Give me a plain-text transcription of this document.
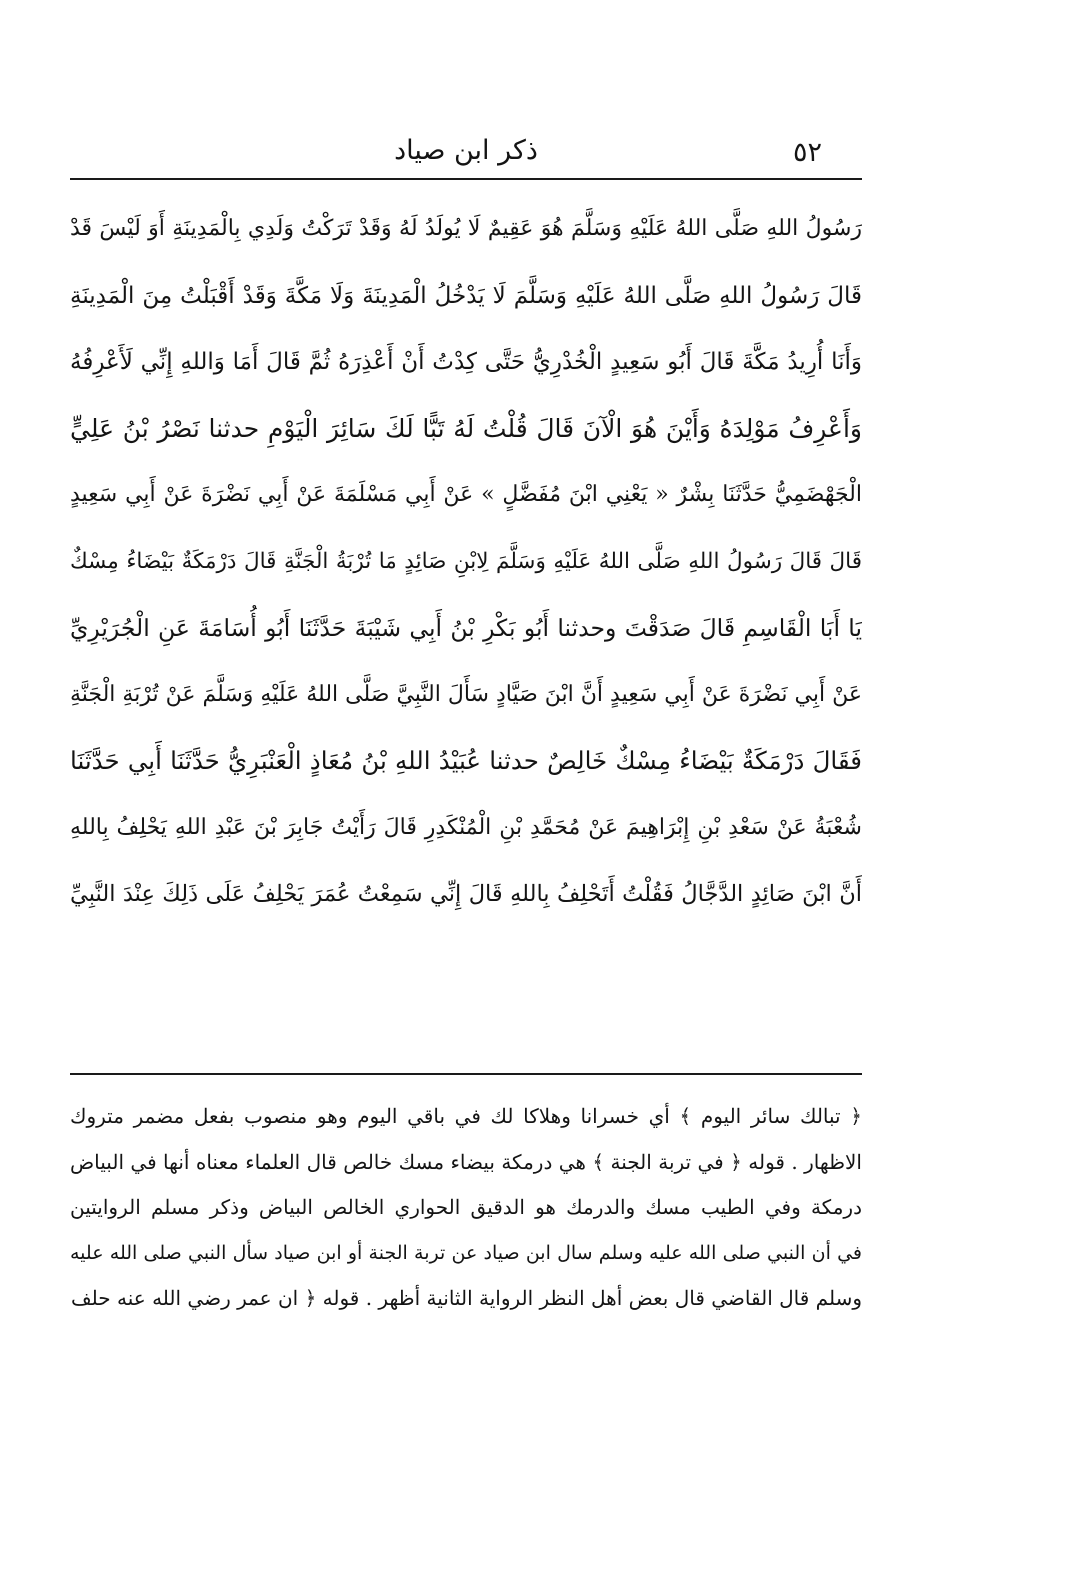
ذكر ابن صياد	٥٢
رَسُولُ اللهِ صَلَّى اللهُ عَلَيْهِ وَسَلَّمَ هُوَ عَقِيمٌ لَا يُولَدُ لَهُ وَقَدْ تَرَكْتُ وَلَدِي بِالْمَدِينَةِ أَوَ لَيْسَ قَدْ
قَالَ رَسُولُ اللهِ صَلَّى اللهُ عَلَيْهِ وَسَلَّمَ لَا يَدْخُلُ الْمَدِينَةَ وَلَا مَكَّةَ وَقَدْ أَقْبَلْتُ مِنَ الْمَدِينَةِ
وَأَنَا أُرِيدُ مَكَّةَ قَالَ أَبُو سَعِيدٍ الْخُدْرِيُّ حَتَّى كِدْتُ أَنْ أَعْذِرَهُ ثُمَّ قَالَ أَمَا وَاللهِ إِنِّي لَأَعْرِفُهُ
وَأَعْرِفُ مَوْلِدَهُ وَأَيْنَ هُوَ الْآنَ قَالَ قُلْتُ لَهُ تَبًّا لَكَ سَائِرَ الْيَوْمِ حدثنا نَصْرُ بْنُ عَلِيٍّ
الْجَهْضَمِيُّ حَدَّثَنَا بِشْرٌ « يَعْنِي ابْنَ مُفَضَّلٍ » عَنْ أَبِي مَسْلَمَةَ عَنْ أَبِي نَضْرَةَ عَنْ أَبِي سَعِيدٍ
قَالَ قَالَ رَسُولُ اللهِ صَلَّى اللهُ عَلَيْهِ وَسَلَّمَ لِابْنِ صَائِدٍ مَا تُرْبَةُ الْجَنَّةِ قَالَ دَرْمَكَةٌ بَيْضَاءُ مِسْكٌ
يَا أَبَا الْقَاسِمِ قَالَ صَدَقْتَ وحدثنا أَبُو بَكْرِ بْنُ أَبِي شَيْبَةَ حَدَّثَنَا أَبُو أُسَامَةَ عَنِ الْجُرَيْرِيِّ
عَنْ أَبِي نَضْرَةَ عَنْ أَبِي سَعِيدٍ أَنَّ ابْنَ صَيَّادٍ سَأَلَ النَّبِيَّ صَلَّى اللهُ عَلَيْهِ وَسَلَّمَ عَنْ تُرْبَةِ الْجَنَّةِ
فَقَالَ دَرْمَكَةٌ بَيْضَاءُ مِسْكٌ خَالِصٌ حدثنا عُبَيْدُ اللهِ بْنُ مُعَاذٍ الْعَنْبَرِيُّ حَدَّثَنَا أَبِي حَدَّثَنَا
شُعْبَةُ عَنْ سَعْدِ بْنِ إِبْرَاهِيمَ عَنْ مُحَمَّدِ بْنِ الْمُنْكَدِرِ قَالَ رَأَيْتُ جَابِرَ بْنَ عَبْدِ اللهِ يَحْلِفُ بِاللهِ
أَنَّ ابْنَ صَائِدٍ الدَّجَّالُ فَقُلْتُ أَتَحْلِفُ بِاللهِ قَالَ إِنِّي سَمِعْتُ عُمَرَ يَحْلِفُ عَلَى ذَلِكَ عِنْدَ النَّبِيِّ
﴿ تبالك سائر اليوم ﴾ أي خسرانا وهلاكا لك في باقي اليوم وهو منصوب بفعل مضمر متروك
الاظهار . قوله ﴿ في تربة الجنة ﴾ هي درمكة بيضاء مسك خالص قال العلماء معناه أنها في البياض
درمكة وفي الطيب مسك والدرمك هو الدقيق الحواري الخالص البياض وذكر مسلم الروايتين
في أن النبي صلى الله عليه وسلم سال ابن صياد عن تربة الجنة أو ابن صياد سأل النبي صلى الله عليه
وسلم قال القاضي قال بعض أهل النظر الرواية الثانية أظهر . قوله ﴿ ان عمر رضي الله عنه حلف
